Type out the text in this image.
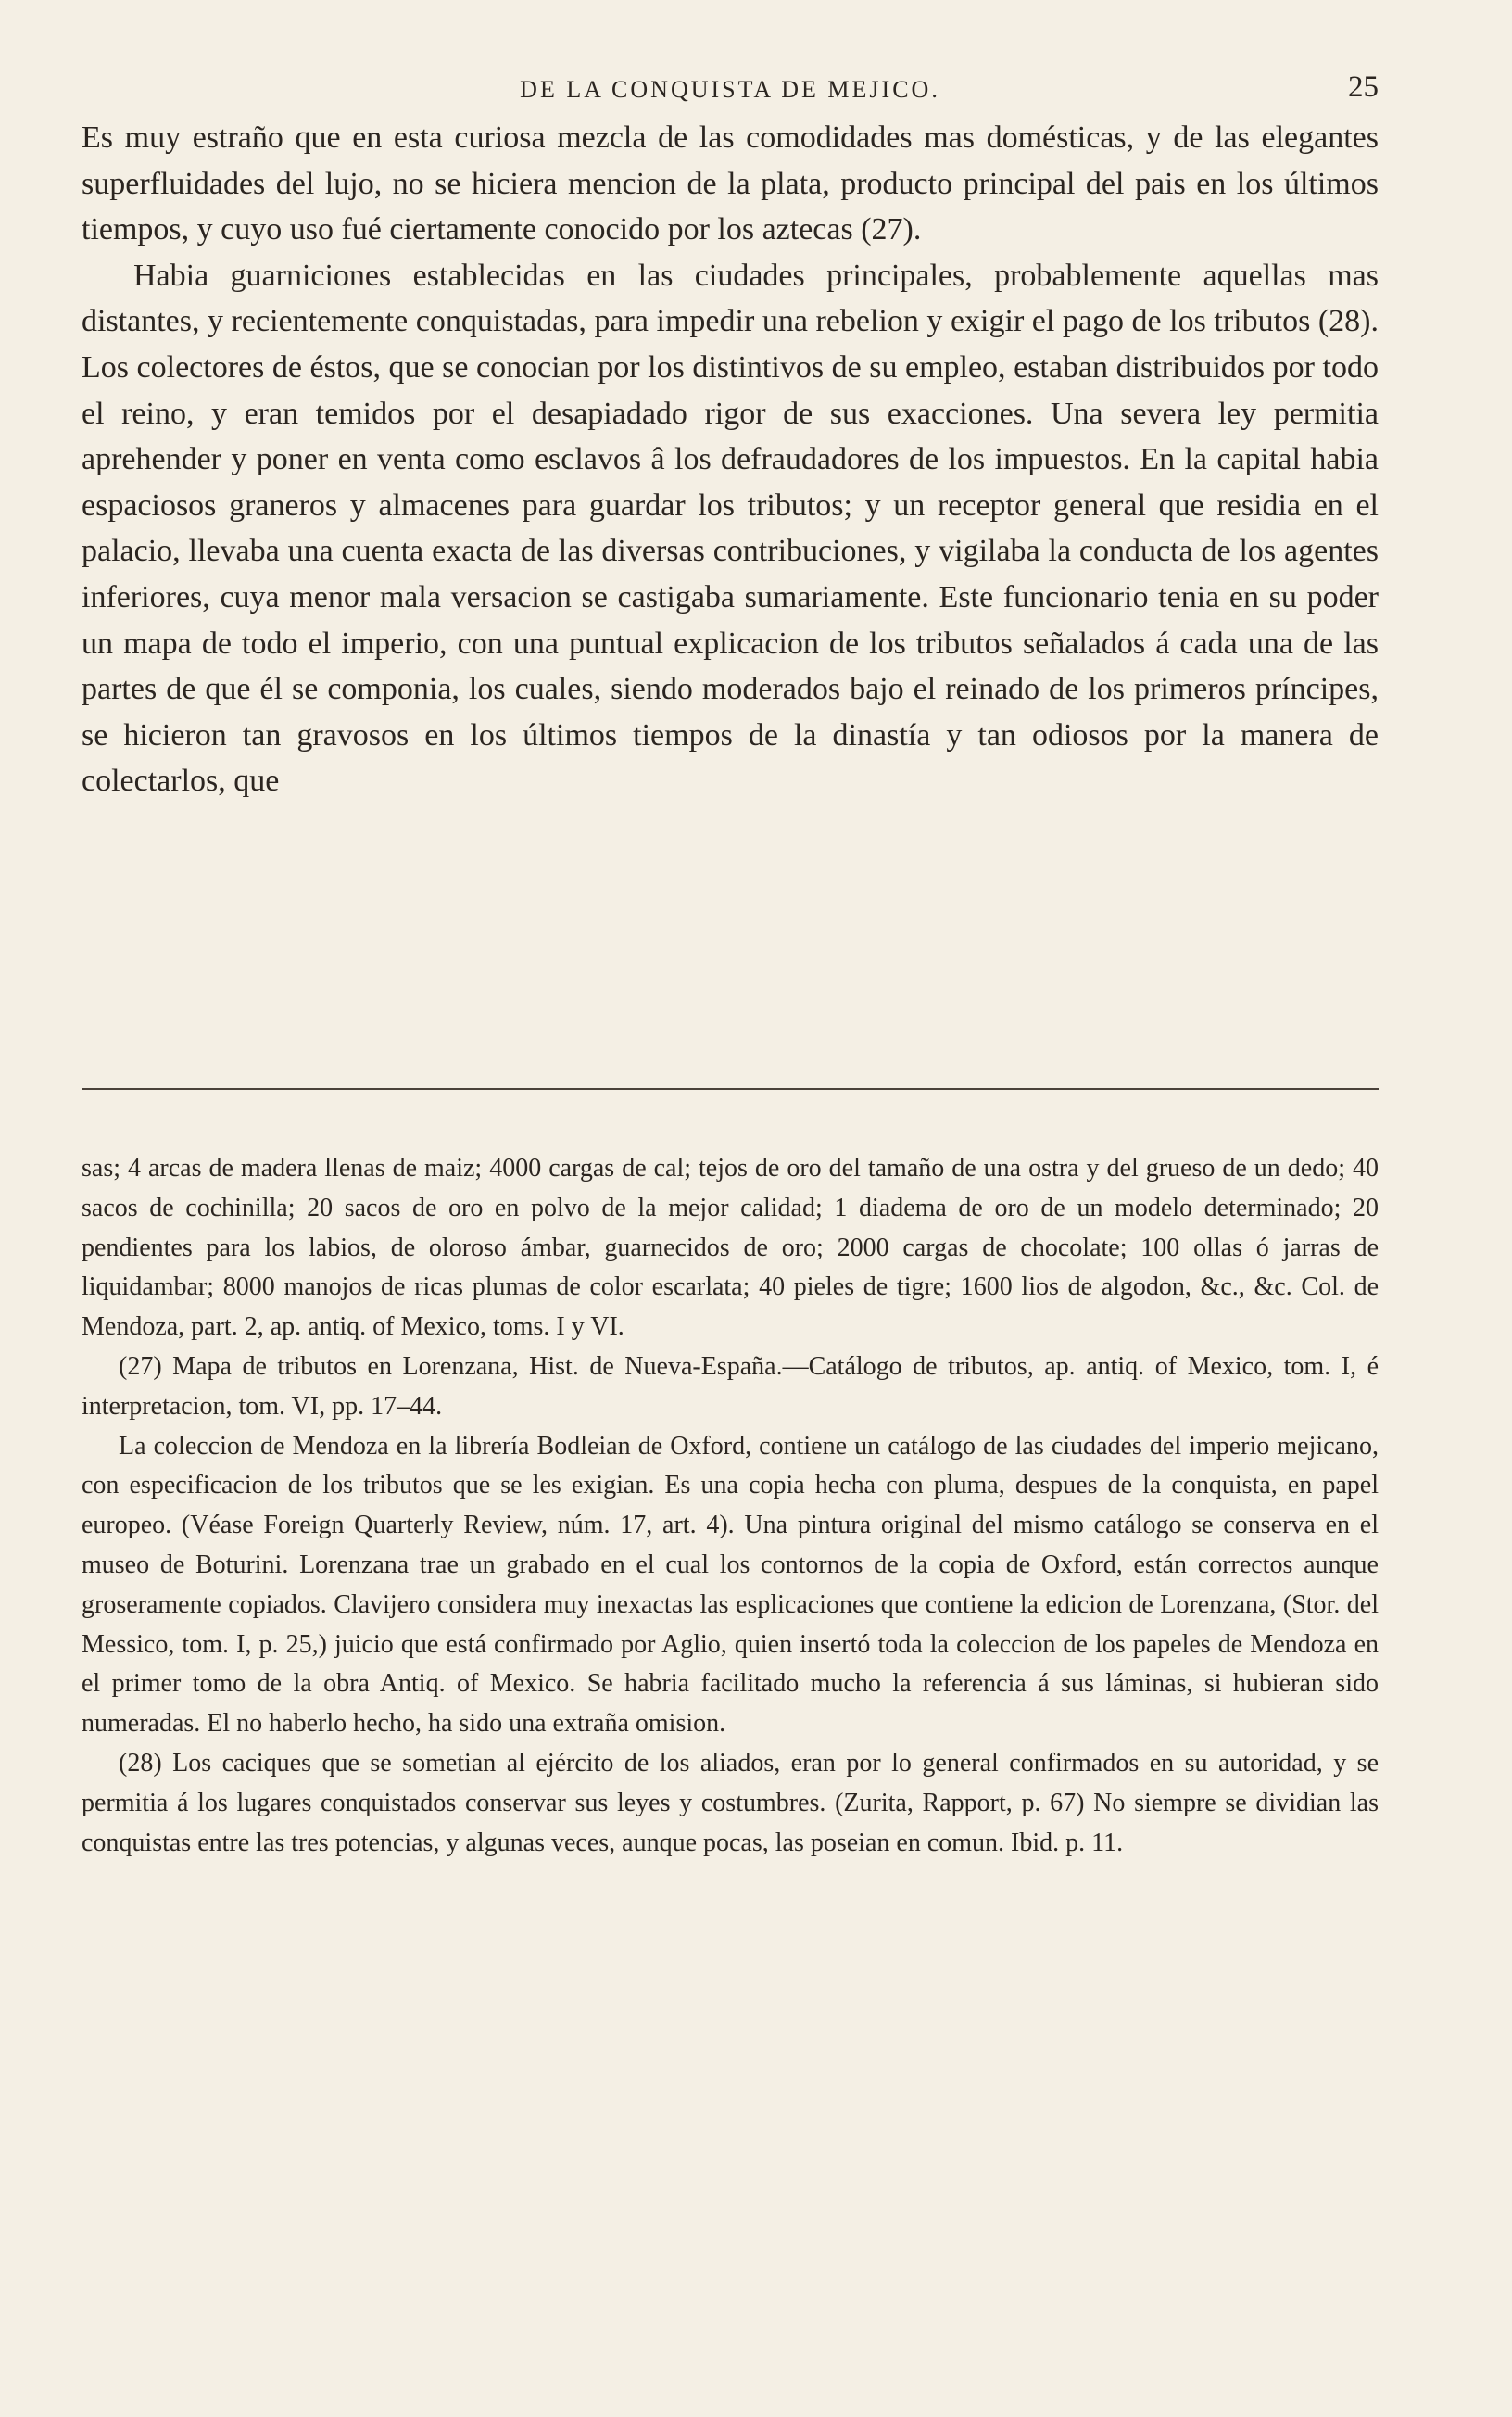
DE LA CONQUISTA DE MEJICO.	25

Es muy estraño que en esta curiosa mezcla de las comodidades mas domésticas, y de las elegantes superfluidades del lujo, no se hiciera mencion de la plata, producto principal del pais en los últimos tiempos, y cuyo uso fué ciertamente conocido por los aztecas (27).

Habia guarniciones establecidas en las ciudades principales, probablemente aquellas mas distantes, y recientemente conquistadas, para impedir una rebelion y exigir el pago de los tributos (28). Los colectores de éstos, que se conocian por los distintivos de su empleo, estaban distribuidos por todo el reino, y eran temidos por el desapiadado rigor de sus exacciones. Una severa ley permitia aprehender y poner en venta como esclavos â los defraudadores de los impuestos. En la capital habia espaciosos graneros y almacenes para guardar los tributos; y un receptor general que residia en el palacio, llevaba una cuenta exacta de las diversas contribuciones, y vigilaba la conducta de los agentes inferiores, cuya menor mala versacion se castigaba sumariamente. Este funcionario tenia en su poder un mapa de todo el imperio, con una puntual explicacion de los tributos señalados á cada una de las partes de que él se componia, los cuales, siendo moderados bajo el reinado de los primeros príncipes, se hicieron tan gravosos en los últimos tiempos de la dinastía y tan odiosos por la manera de colectarlos, que

sas; 4 arcas de madera llenas de maiz; 4000 cargas de cal; tejos de oro del tamaño de una ostra y del grueso de un dedo; 40 sacos de cochinilla; 20 sacos de oro en polvo de la mejor calidad; 1 diadema de oro de un modelo determinado; 20 pendientes para los labios, de oloroso ámbar, guarnecidos de oro; 2000 cargas de chocolate; 100 ollas ó jarras de liquidambar; 8000 manojos de ricas plumas de color escarlata; 40 pieles de tigre; 1600 lios de algodon, &c., &c. Col. de Mendoza, part. 2, ap. antiq. of Mexico, toms. I y VI.

(27) Mapa de tributos en Lorenzana, Hist. de Nueva-España.—Catálogo de tributos, ap. antiq. of Mexico, tom. I, é interpretacion, tom. VI, pp. 17–44.

La coleccion de Mendoza en la librería Bodleian de Oxford, contiene un catálogo de las ciudades del imperio mejicano, con especificacion de los tributos que se les exigian. Es una copia hecha con pluma, despues de la conquista, en papel europeo. (Véase Foreign Quarterly Review, núm. 17, art. 4). Una pintura original del mismo catálogo se conserva en el museo de Boturini. Lorenzana trae un grabado en el cual los contornos de la copia de Oxford, están correctos aunque groseramente copiados. Clavijero considera muy inexactas las esplicaciones que contiene la edicion de Lorenzana, (Stor. del Messico, tom. I, p. 25,) juicio que está confirmado por Aglio, quien insertó toda la coleccion de los papeles de Mendoza en el primer tomo de la obra Antiq. of Mexico. Se habria facilitado mucho la referencia á sus láminas, si hubieran sido numeradas. El no haberlo hecho, ha sido una extraña omision.

(28) Los caciques que se sometian al ejército de los aliados, eran por lo general confirmados en su autoridad, y se permitia á los lugares conquistados conservar sus leyes y costumbres. (Zurita, Rapport, p. 67) No siempre se dividian las conquistas entre las tres potencias, y algunas veces, aunque pocas, las poseian en comun. Ibid. p. 11.
